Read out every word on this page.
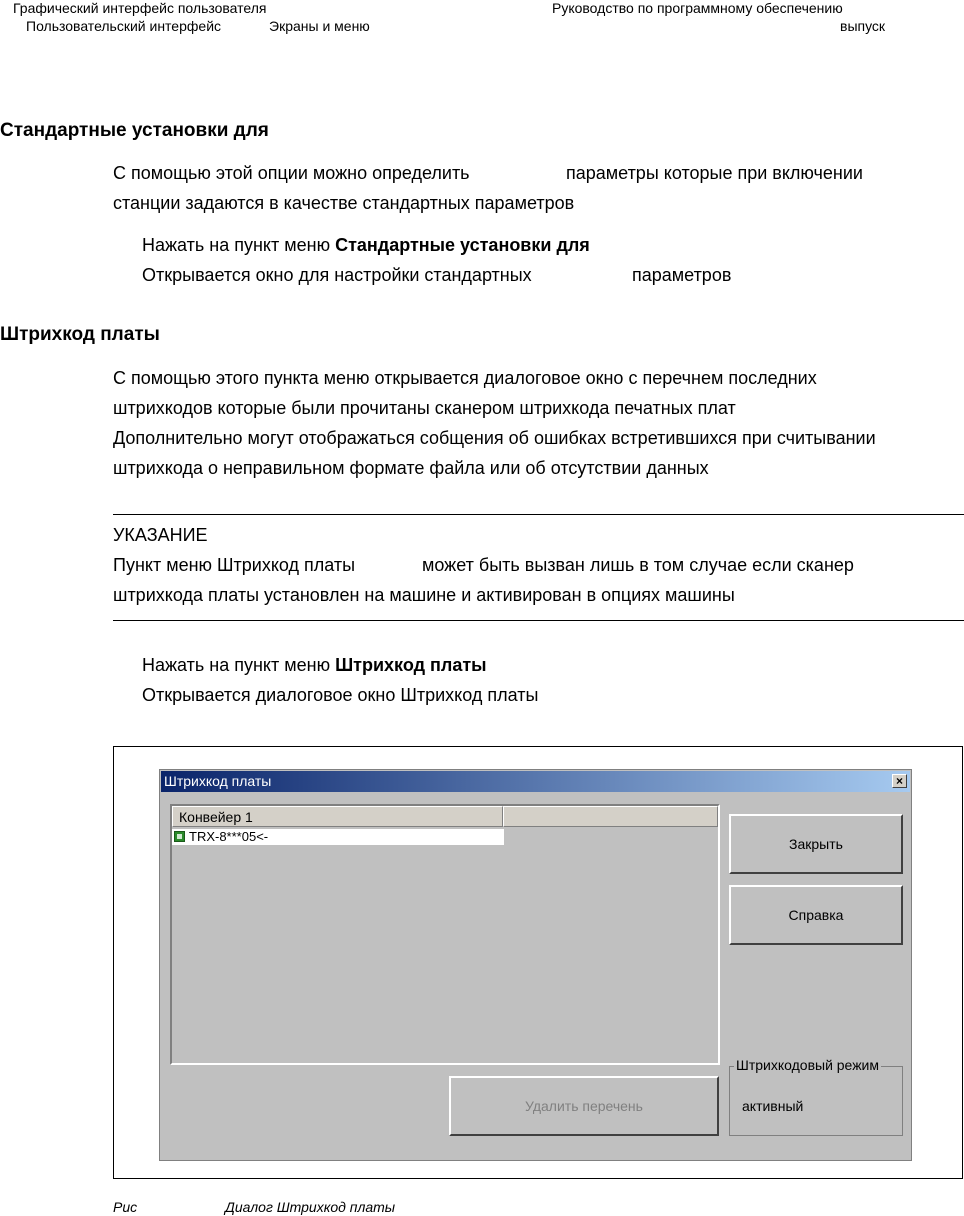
Графический интерфейс пользователя
Пользовательский интерфейс	Экраны и меню
Руководство по программному обеспечению
выпуск
Стандартные установки для
С помощью этой опции можно определить	параметры которые при включении
станции задаются в качестве стандартных параметров
Нажать на пункт меню Стандартные установки для
Открывается окно для настройки стандартных	параметров
Штрихкод платы
С помощью этого пункта меню открывается диалоговое окно с перечнем последних
штрихкодов которые были прочитаны сканером штрихкода печатных плат
Дополнительно могут отображаться собщения об ошибках встретившихся при считывании
штрихкода о неправильном формате файла или об отсутствии данных
УКАЗАНИЕ
Пункт меню Штрихкод платы	может быть вызван лишь в том случае если сканер
штрихкода платы установлен на машине и активирован в опциях машины
Нажать на пункт меню Штрихкод платы
Открывается диалоговое окно Штрихкод платы
Штрихкод платы	×
Конвейер 1
TRX-8***05<-	Закрыть
Справка
Удалить перечень
Штрихкодовый режим
активный
Рис	Диалог Штрихкод платы
